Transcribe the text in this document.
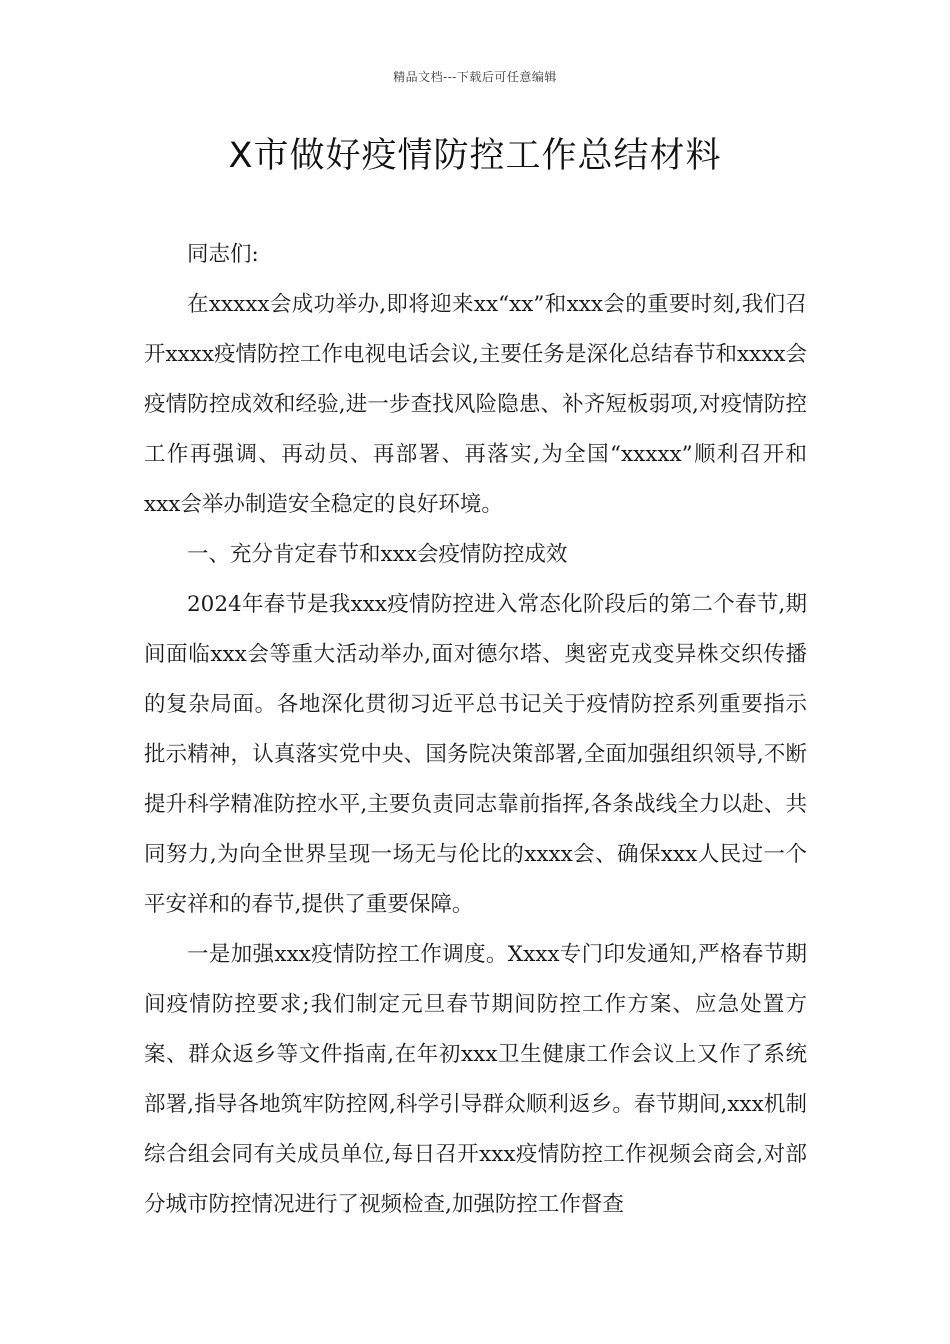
精品文档---下载后可任意编辑
X市做好疫情防控工作总结材料

同志们:

在xxxxx会成功举办,即将迎来xx“xx”和xxx会的重要时刻,我们召开xxxx疫情防控工作电视电话会议,主要任务是深化总结春节和xxxx会疫情防控成效和经验,进一步查找风险隐患、补齐短板弱项,对疫情防控工作再强调、再动员、再部署、再落实,为全国“xxxxx”顺利召开和xxx会举办制造安全稳定的良好环境。

一、充分肯定春节和xxx会疫情防控成效

2024年春节是我xxx疫情防控进入常态化阶段后的第二个春节,期间面临xxx会等重大活动举办,面对德尔塔、奥密克戎变异株交织传播的复杂局面。各地深化贯彻习近平总书记关于疫情防控系列重要指示批示精神，认真落实党中央、国务院决策部署,全面加强组织领导,不断提升科学精准防控水平,主要负责同志靠前指挥,各条战线全力以赴、共同努力,为向全世界呈现一场无与伦比的xxxx会、确保xxx人民过一个平安祥和的春节,提供了重要保障。

一是加强xxx疫情防控工作调度。Xxxx专门印发通知,严格春节期间疫情防控要求;我们制定元旦春节期间防控工作方案、应急处置方案、群众返乡等文件指南,在年初xxx卫生健康工作会议上又作了系统部署,指导各地筑牢防控网,科学引导群众顺利返乡。春节期间,xxx机制综合组会同有关成员单位,每日召开xxx疫情防控工作视频会商会,对部分城市防控情况进行了视频检查,加强防控工作督查
